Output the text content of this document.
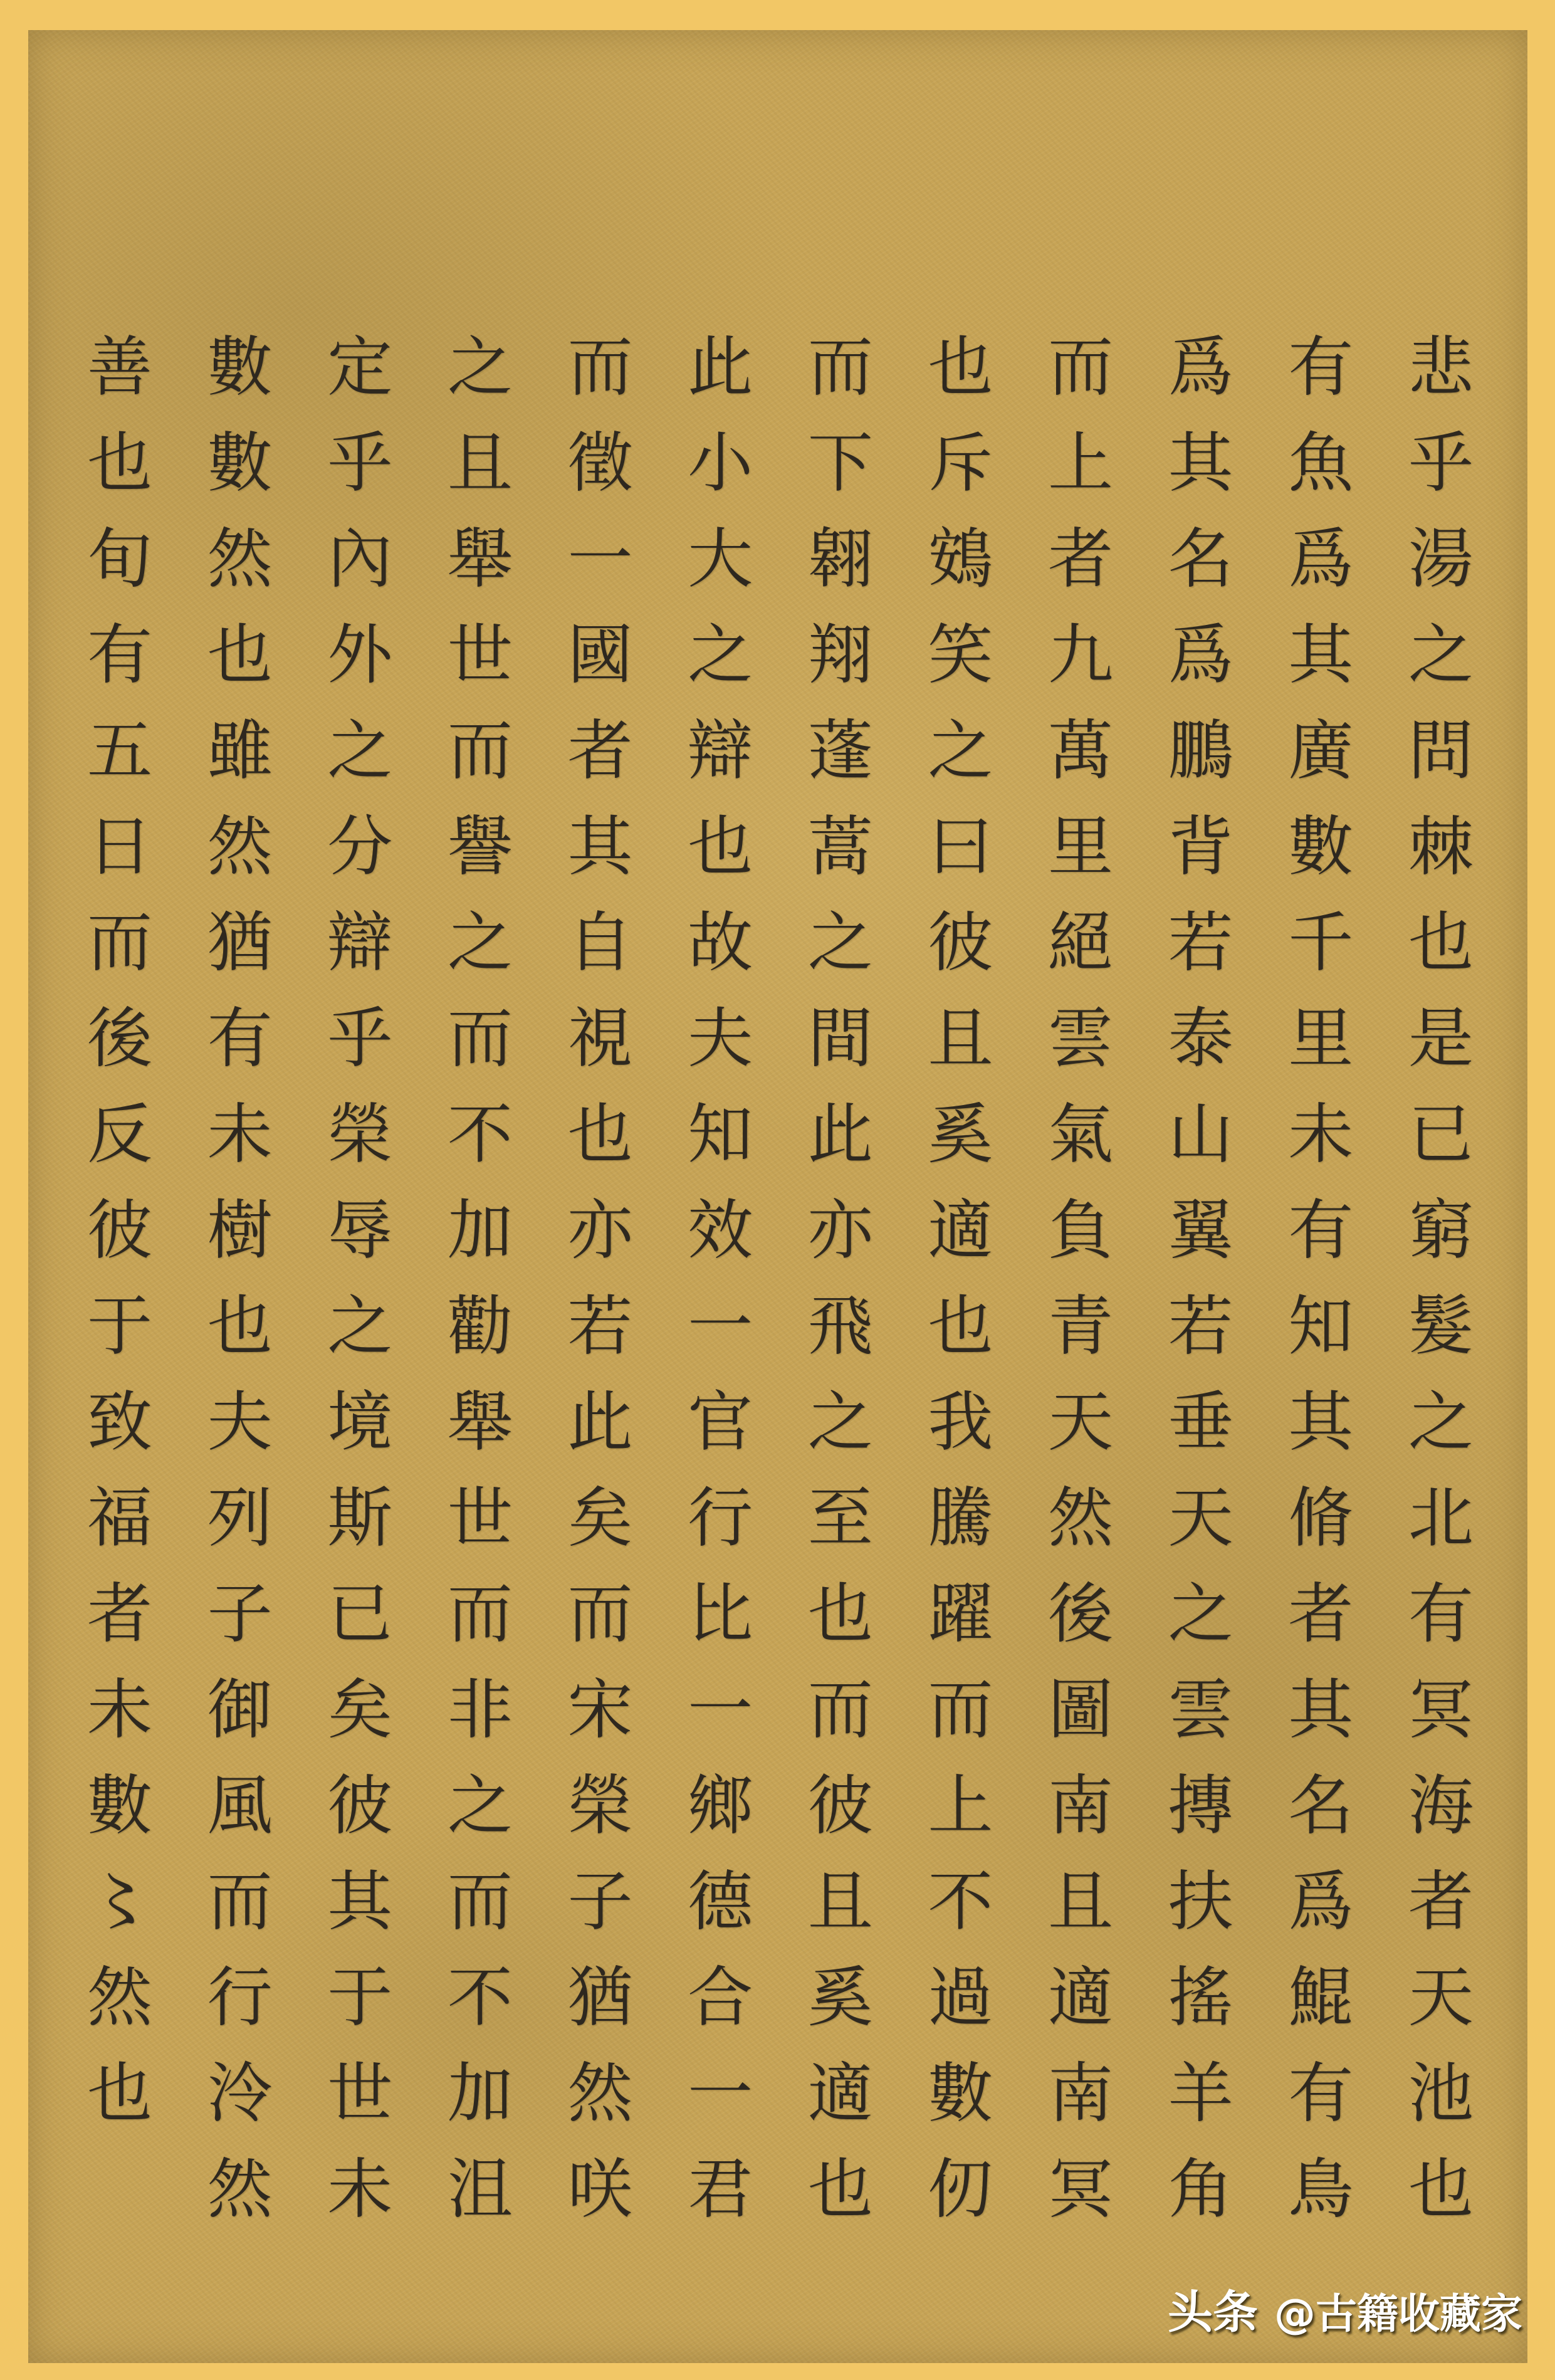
悲乎湯之問棘也是已窮髮之北有冥海者天池也
有魚爲其廣數千里未有知其脩者其名爲鯤有鳥
爲其名爲鵬背若泰山翼若垂天之雲摶扶搖羊角
而上者九萬里絕雲氣負青天然後圖南且適南冥
也斥鴳笑之曰彼且奚適也我騰躍而上不過數仞
而下翱翔蓬蒿之間此亦飛之至也而彼且奚適也
此小大之辯也故夫知效一官行比一鄉德合一君
而徵一國者其自視也亦若此矣而宋榮子猶然咲
之且舉世而譽之而不加勸舉世而非之而不加沮
定乎內外之分辯乎榮辱之境斯已矣彼其于世未
數數然也雖然猶有未樹也夫列子御風而行泠然
善也旬有五日而後反彼于致福者未數〻然也
头条 @古籍收藏家
